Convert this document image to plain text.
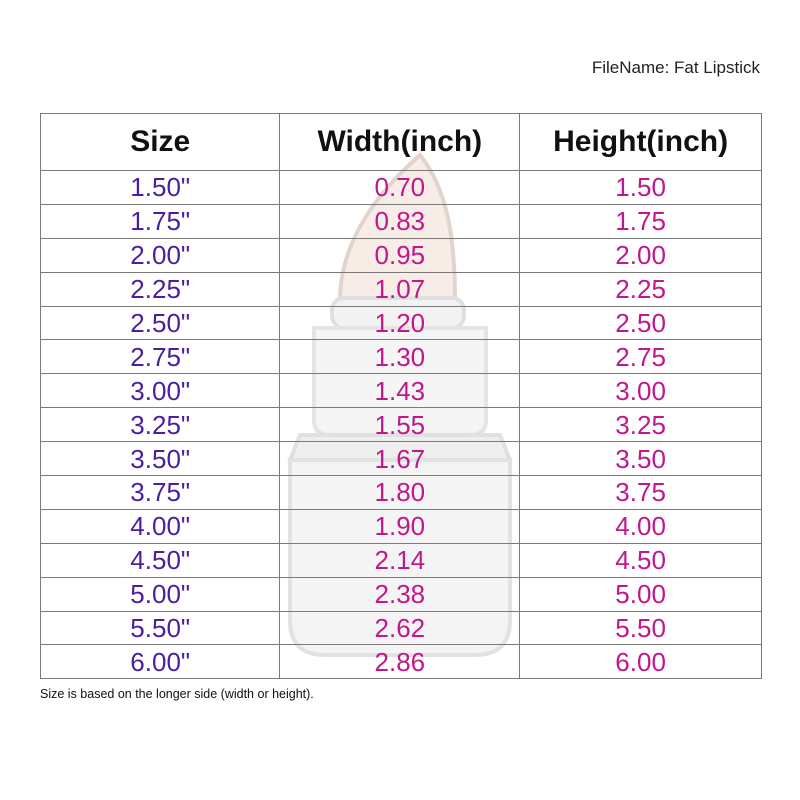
FileName: Fat Lipstick
Size	Width(inch)	Height(inch)
1.50"	0.70	1.50
1.75"	0.83	1.75
2.00"	0.95	2.00
2.25"	1.07	2.25
2.50"	1.20	2.50
2.75"	1.30	2.75
3.00"	1.43	3.00
3.25"	1.55	3.25
3.50"	1.67	3.50
3.75"	1.80	3.75
4.00"	1.90	4.00
4.50"	2.14	4.50
5.00"	2.38	5.00
5.50"	2.62	5.50
6.00"	2.86	6.00
Size is based on the longer side (width or height).
